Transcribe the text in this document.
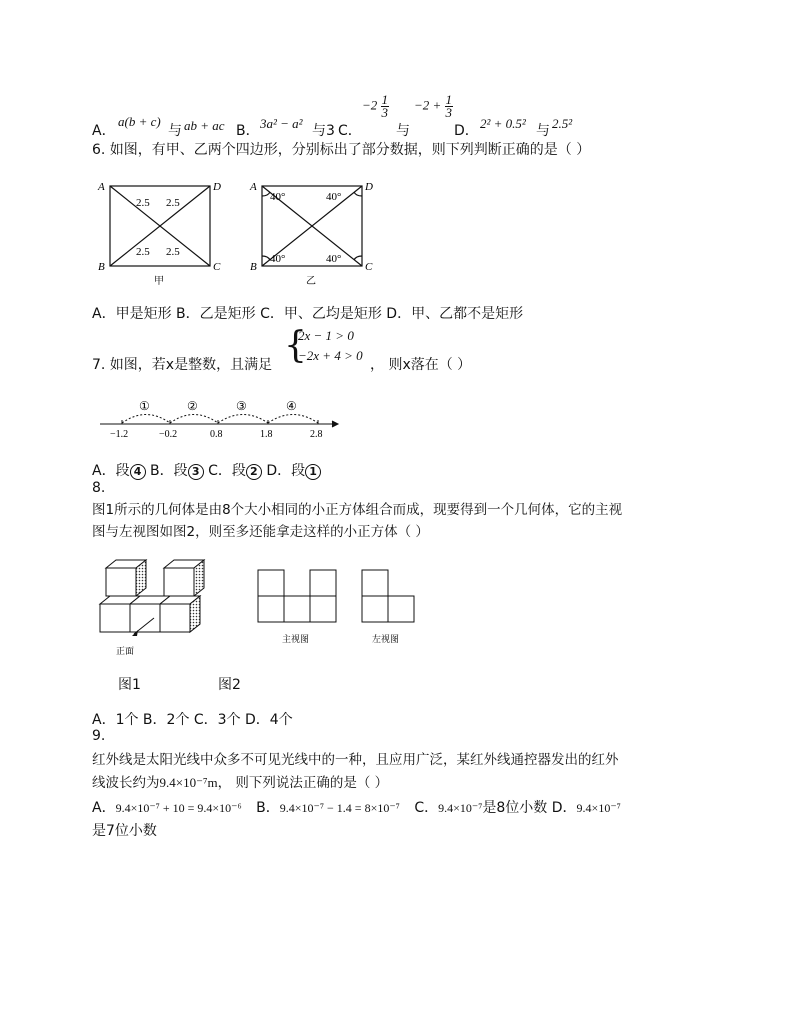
A．
a(b + c)
与 ab + ac B． 3a² − a² 与3 C．
$-2 \frac{1}{3}$
与
$-2 + \frac{1}{3}$
D． 2² + 0.5² 与 2.5²
6. 如图，有甲、乙两个四边形，分别标出了部分数据，则下列判断正确的是（ ）
A	D
B	C
2.5 2.5
2.5 2.5
甲
A	D
B	C
40°	40°
40°	40°
乙
A．甲是矩形 B．乙是矩形 C．甲、乙均是矩形 D．甲、乙都不是矩形
7. 如图，若x是整数，且满足 {
2x − 1 > 0
−2x + 4 > 0
， 则x落在（ ）
①	②	③	④
−1.2	−0.2	0.8	1.8	2.8
A．段 4 B．段 3 C．段 2 D．段 1
8.
图1所示的几何体是由8个大小相同的小正方体组合而成，现要得到一个几何体，它的主视
图与左视图如图2，则至多还能拿走这样的小正方体（ ）
正面
主视图	左视图
图1	图2
A．1个 B．2个 C．3个 D．4个
9.
红外线是太阳光线中众多不可见光线中的一种，且应用广泛，某红外线通控器发出的红外
线波长约为9.4×10⁻⁷m， 则下列说法正确的是（ ）
A．9.4×10⁻⁷ + 10 = 9.4×10⁻⁶ B．9.4×10⁻⁷ − 1.4 = 8×10⁻⁷ C．9.4×10⁻⁷是8位小数 D．9.4×10⁻⁷
是7位小数
